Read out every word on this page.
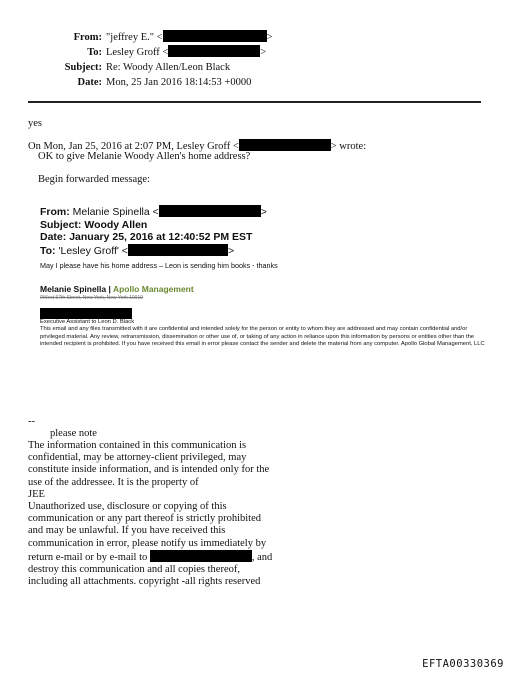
From: "jeffrey E." <	>
To: Lesley Groff <	>
Subject: Re: Woody Allen/Leon Black
Date: Mon, 25 Jan 2016 18:14:53 +0000
yes
On Mon, Jan 25, 2016 at 2:07 PM, Lesley Groff <	> wrote:
OK to give Melanie Woody Allen's home address?
Begin forwarded message:
From: Melanie Spinella <	>
Subject: Woody Allen
Date: January 25, 2016 at 12:40:52 PM EST
To: 'Lesley Groff' <	>
May I please have his home address – Leon is sending him books - thanks
Melanie Spinella | Apollo Management
9West 57th Street, New York, New York 10019
Executive Assistant to Leon D. Black
This email and any files transmitted with it are confidential and intended solely for the person or entity to whom they are addressed and may contain confidential and/or privileged material. Any review, retransmission, dissemination or other use of, or taking of any action in reliance upon this information by persons or entities other than the intended recipient is prohibited. If you have received this email in error please contact the sender and delete the material from any computer. Apollo Global Management, LLC
--
please note
The information contained in this communication is confidential, may be attorney-client privileged, may constitute inside information, and is intended only for the use of the addressee. It is the property of
JEE
Unauthorized use, disclosure or copying of this communication or any part thereof is strictly prohibited and may be unlawful. If you have received this communication in error, please notify us immediately by return e-mail or by e-mail to	, and destroy this communication and all copies thereof, including all attachments. copyright -all rights reserved
EFTA00330369
